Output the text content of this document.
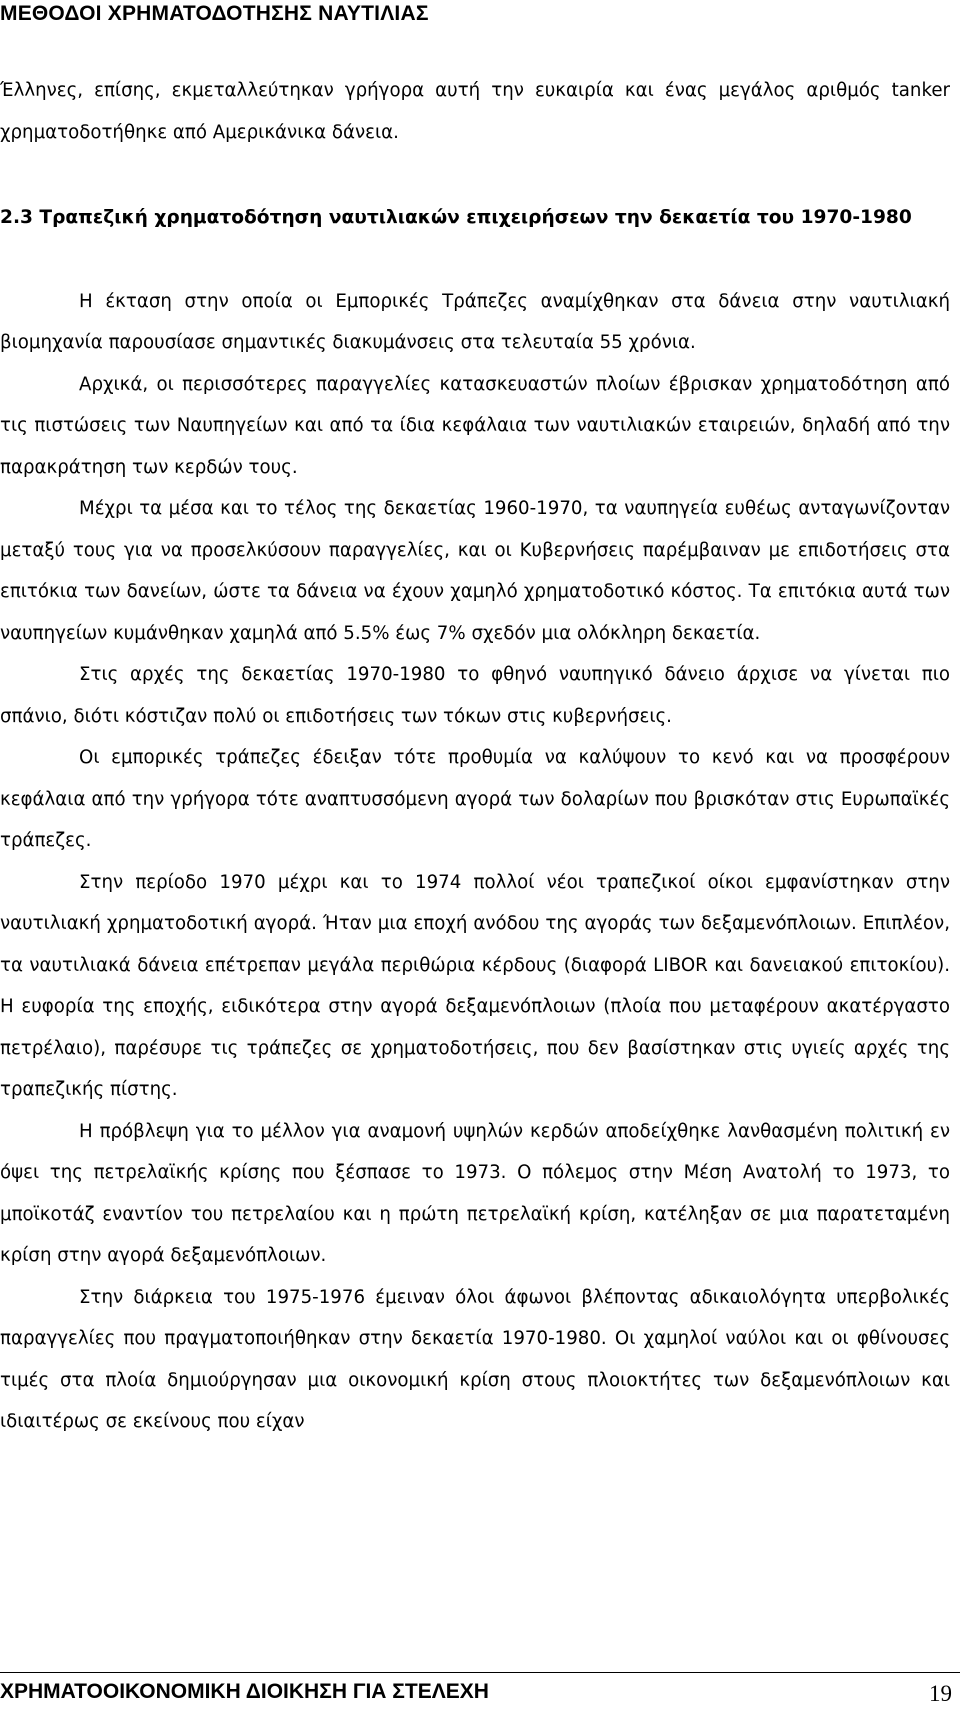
ΜΕΘΟΔΟΙ ΧΡΗΜΑΤΟΔΟΤΗΣΗΣ ΝΑΥΤΙΛΙΑΣ

Έλληνες, επίσης, εκμεταλλεύτηκαν γρήγορα αυτή την ευκαιρία και ένας μεγάλος αριθμός tanker χρηματοδοτήθηκε από Αμερικάνικα δάνεια.

2.3 Τραπεζική χρηματοδότηση ναυτιλιακών επιχειρήσεων την δεκαετία του 1970-1980

Η έκταση στην οποία οι Εμπορικές Τράπεζες αναμίχθηκαν στα δάνεια στην ναυτιλιακή βιομηχανία παρουσίασε σημαντικές διακυμάνσεις στα τελευταία 55 χρόνια.

Αρχικά, οι περισσότερες παραγγελίες κατασκευαστών πλοίων έβρισκαν χρηματοδότηση από τις πιστώσεις των Ναυπηγείων και από τα ίδια κεφάλαια των ναυτιλιακών εταιρειών, δηλαδή από την παρακράτηση των κερδών τους.

Μέχρι τα μέσα και το τέλος της δεκαετίας 1960-1970, τα ναυπηγεία ευθέως ανταγωνίζονταν μεταξύ τους για να προσελκύσουν παραγγελίες, και οι Κυβερνήσεις παρέμβαιναν με επιδοτήσεις στα επιτόκια των δανείων, ώστε τα δάνεια να έχουν χαμηλό χρηματοδοτικό κόστος. Τα επιτόκια αυτά των ναυπηγείων κυμάνθηκαν χαμηλά από 5.5% έως 7% σχεδόν μια ολόκληρη δεκαετία.

Στις αρχές της δεκαετίας 1970-1980 το φθηνό ναυπηγικό δάνειο άρχισε να γίνεται πιο σπάνιο, διότι κόστιζαν πολύ οι επιδοτήσεις των τόκων στις κυβερνήσεις.

Οι εμπορικές τράπεζες έδειξαν τότε προθυμία να καλύψουν το κενό και να προσφέρουν κεφάλαια από την γρήγορα τότε αναπτυσσόμενη αγορά των δολαρίων που βρισκόταν στις Ευρωπαϊκές τράπεζες.

Στην περίοδο 1970 μέχρι και το 1974 πολλοί νέοι τραπεζικοί οίκοι εμφανίστηκαν στην ναυτιλιακή χρηματοδοτική αγορά. Ήταν μια εποχή ανόδου της αγοράς των δεξαμενόπλοιων. Επιπλέον, τα ναυτιλιακά δάνεια επέτρεπαν μεγάλα περιθώρια κέρδους (διαφορά LIBOR και δανειακού επιτοκίου). Η ευφορία της εποχής, ειδικότερα στην αγορά δεξαμενόπλοιων (πλοία που μεταφέρουν ακατέργαστο πετρέλαιο), παρέσυρε τις τράπεζες σε χρηματοδοτήσεις, που δεν βασίστηκαν στις υγιείς αρχές της τραπεζικής πίστης.

Η πρόβλεψη για το μέλλον για αναμονή υψηλών κερδών αποδείχθηκε λανθασμένη πολιτική εν όψει της πετρελαϊκής κρίσης που ξέσπασε το 1973. Ο πόλεμος στην Μέση Ανατολή το 1973, το μποϊκοτάζ εναντίον του πετρελαίου και η πρώτη πετρελαϊκή κρίση, κατέληξαν σε μια παρατεταμένη κρίση στην αγορά δεξαμενόπλοιων.

Στην διάρκεια του 1975-1976 έμειναν όλοι άφωνοι βλέποντας αδικαιολόγητα υπερβολικές παραγγελίες που πραγματοποιήθηκαν στην δεκαετία 1970-1980. Οι χαμηλοί ναύλοι και οι φθίνουσες τιμές στα πλοία δημιούργησαν μια οικονομική κρίση στους πλοιοκτήτες των δεξαμενόπλοιων και ιδιαιτέρως σε εκείνους που είχαν

ΧΡΗΜΑΤΟΟΙΚΟΝΟΜΙΚΗ ΔΙΟΙΚΗΣΗ ΓΙΑ ΣΤΕΛΕΧΗ	19
